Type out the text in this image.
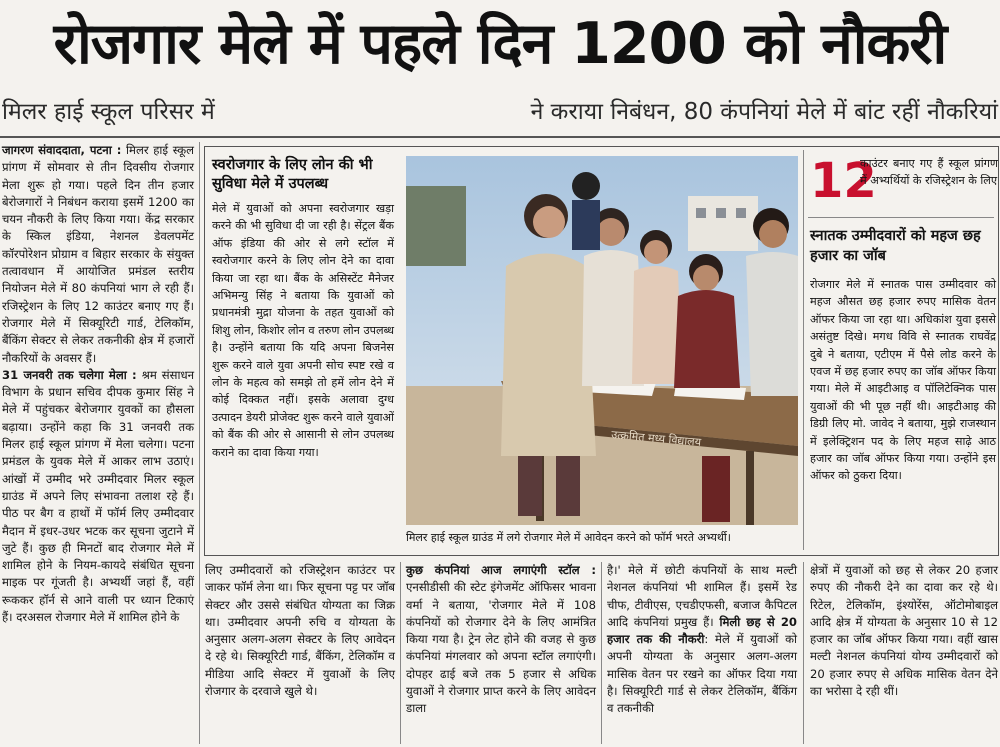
रोजगार मेले में पहले दिन 1200 को नौकरी
मिलर हाई स्कूल परिसर में	ने कराया निबंधन, 80 कंपनियां मेले में बांट रहीं नौकरियां

जागरण संवाददाता, पटना : मिलर हाई स्कूल प्रांगण में सोमवार से तीन दिवसीय रोजगार मेला शुरू हो गया। पहले दिन तीन हजार बेरोजगारों ने निबंधन कराया इसमें 1200 का चयन नौकरी के लिए किया गया। केंद्र सरकार के स्किल इंडिया, नेशनल डेवलपमेंट कॉरपोरेशन प्रोग्राम व बिहार सरकार के संयुक्त तत्वावधान में आयोजित प्रमंडल स्तरीय नियोजन मेले में 80 कंपनियां भाग ले रही हैं। रजिस्ट्रेशन के लिए 12 काउंटर बनाए गए हैं। रोजगार मेले में सिक्यूरिटी गार्ड, टेलिकॉम, बैंकिंग सेक्टर से लेकर तकनीकी क्षेत्र में हजारों नौकरियों के अवसर हैं।

31 जनवरी तक चलेगा मेला : श्रम संसाधन विभाग के प्रधान सचिव दीपक कुमार सिंह ने मेले में पहुंचकर बेरोजगार युवकों का हौसला बढ़ाया। उन्होंने कहा कि 31 जनवरी तक मिलर हाई स्कूल प्रांगण में मेला चलेगा। पटना प्रमंडल के युवक मेले में आकर लाभ उठाएं। आंखों में उम्मीद भरे उम्मीदवार मिलर स्कूल ग्राउंड में अपने लिए संभावना तलाश रहे हैं। पीठ पर बैग व हाथों में फॉर्म लिए उम्मीदवार मैदान में इधर-उधर भटक कर सूचना जुटाने में जुटे हैं। कुछ ही मिनटों बाद रोजगार मेले में शामिल होने के नियम-कायदे संबंधित सूचना माइक पर गूंजती है। अभ्यर्थी जहां हैं, वहीं रूककर हॉर्न से आने वाली पर ध्यान टिकाएं हैं। दरअसल रोजगार मेले में शामिल होने के

स्वरोजगार के लिए लोन की भी सुविधा मेले में उपलब्ध
मेले में युवाओं को अपना स्वरोजगार खड़ा करने की भी सुविधा दी जा रही है। सेंट्रल बैंक ऑफ इंडिया की ओर से लगे स्टॉल में स्वरोजगार करने के लिए लोन देने का दावा किया जा रहा था। बैंक के असिस्टेंट मैनेजर अभिमन्यु सिंह ने बताया कि युवाओं को प्रधानमंत्री मुद्रा योजना के तहत युवाओं को शिशु लोन, किशोर लोन व तरुण लोन उपलब्ध है। उन्होंने बताया कि यदि अपना बिजनेस शुरू करने वाले युवा अपनी सोच स्पष्ट रखे व लोन के महत्व को समझे तो हमें लोन देने में कोई दिक्कत नहीं। इसके अलावा दुग्ध उत्पादन डेयरी प्रोजेक्ट शुरू करने वाले युवाओं को बैंक की ओर से आसानी से लोन उपलब्ध कराने का दावा किया गया।
उत्क्रमित मध्य विद्यालय
मिलर हाई स्कूल ग्राउंड में लगे रोजगार मेले में आवेदन करने को फॉर्म भरते अभ्यर्थी।
12
काउंटर बनाए गए हैं स्कूल प्रांगण में अभ्यर्थियों के रजिस्ट्रेशन के लिए
स्नातक उम्मीदवारों को महज छह हजार का जॉब
रोजगार मेले में स्नातक पास उम्मीदवार को महज औसत छह हजार रुपए मासिक वेतन ऑफर किया जा रहा था। अधिकांश युवा इससे असंतुष्ट दिखे। मगध विवि से स्नातक राघवेंद्र दुबे ने बताया, एटीएम में पैसे लोड करने के एवज में छह हजार रुपए का जॉब ऑफर किया गया। मेले में आइटीआइ व पॉलिटेक्निक पास युवाओं की भी पूछ नहीं थी। आइटीआइ की डिग्री लिए मो. जावेद ने बताया, मुझे राजस्थान में इलेक्ट्रिशन पद के लिए महज साढ़े आठ हजार का जॉब ऑफर किया गया। उन्होंने इस ऑफर को ठुकरा दिया।
लिए उम्मीदवारों को रजिस्ट्रेशन काउंटर पर जाकर फॉर्म लेना था। फिर सूचना पट्ट पर जॉब सेक्टर और उससे संबंधित योग्यता का जिक्र था। उम्मीदवार अपनी रुचि व योग्यता के अनुसार अलग-अलग सेक्टर के लिए आवेदन दे रहे थे। सिक्यूरिटी गार्ड, बैंकिंग, टेलिकॉम व मीडिया आदि सेक्टर में युवाओं के लिए रोजगार के दरवाजे खुले थे।
कुछ कंपनियां आज लगाएंगी स्टॉल : एनसीडीसी की स्टेट इंगेजमेंट ऑफिसर भावना वर्मा ने बताया, 'रोजगार मेले में 108 कंपनियों को रोजगार देने के लिए आमंत्रित किया गया है। ट्रेन लेट होने की वजह से कुछ कंपनियां मंगलवार को अपना स्टॉल लगाएंगी। दोपहर ढाई बजे तक 5 हजार से अधिक युवाओं ने रोजगार प्राप्त करने के लिए आवेदन डाला
है।' मेले में छोटी कंपनियों के साथ मल्टी नेशनल कंपनियां भी शामिल हैं। इसमें रेड चीफ, टीवीएस, एचडीएफसी, बजाज कैपिटल आदि कंपनियां प्रमुख हैं। मिली छह से 20 हजार तक की नौकरी: मेले में युवाओं को अपनी योग्यता के अनुसार अलग-अलग मासिक वेतन पर रखने का ऑफर दिया गया है। सिक्यूरिटी गार्ड से लेकर टेलिकॉम, बैंकिंग व तकनीकी
क्षेत्रों में युवाओं को छह से लेकर 20 हजार रुपए की नौकरी देने का दावा कर रहे थे। रिटेल, टेलिकॉम, इंश्योरेंस, ऑटोमोबाइल आदि क्षेत्र में योग्यता के अनुसार 10 से 12 हजार का जॉब ऑफर किया गया। वहीं खास मल्टी नेशनल कंपनियां योग्य उम्मीदवारों को 20 हजार रुपए से अधिक मासिक वेतन देने का भरोसा दे रही थीं।
